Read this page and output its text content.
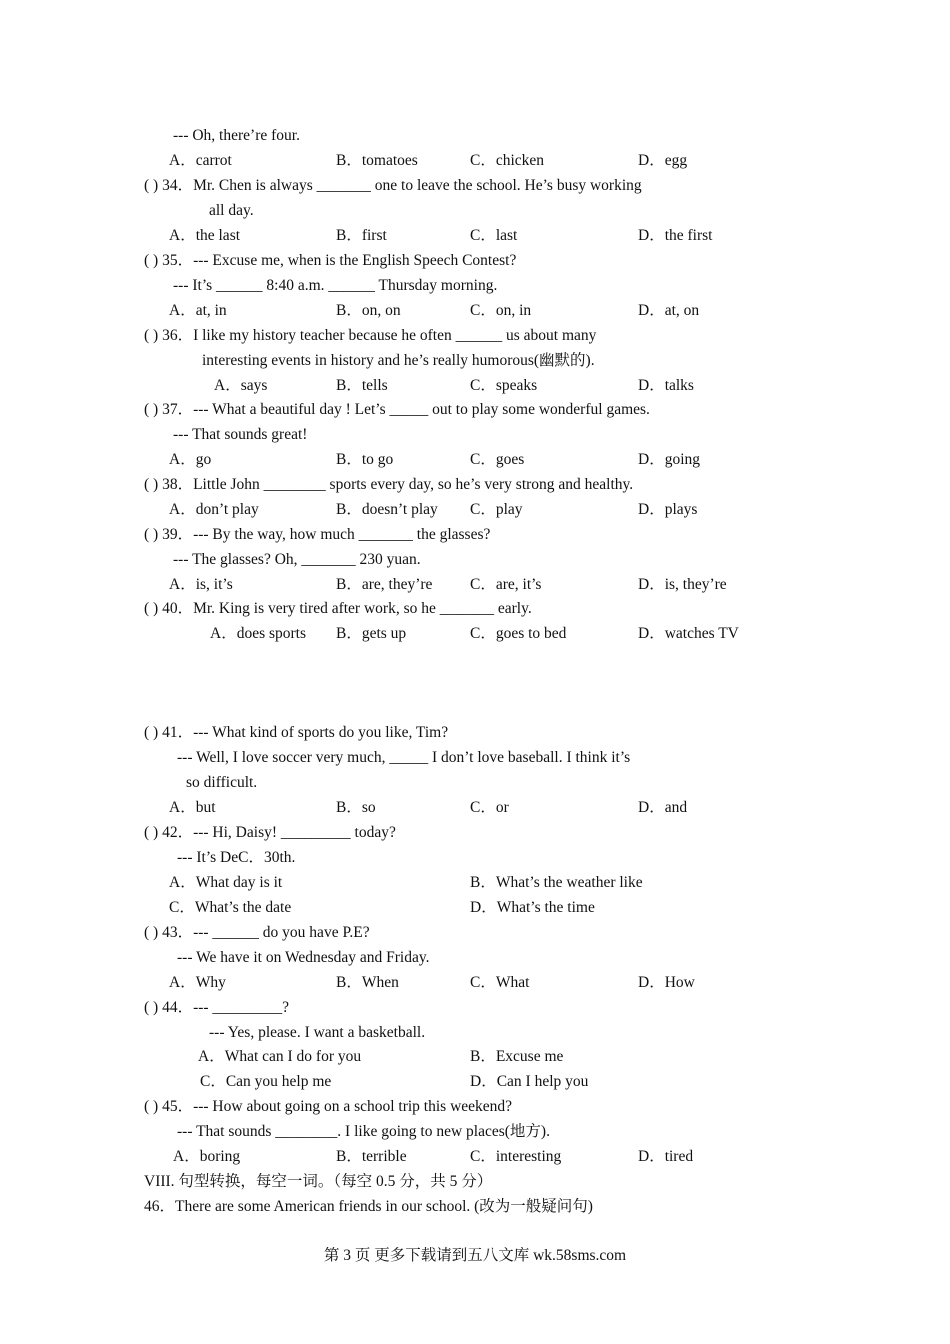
--- Oh, there’re four.
A．carrot	B．tomatoes	C．chicken	D．egg
( ) 34．Mr. Chen is always _______ one to leave the school. He’s busy working
all day.
A．the last	B．first	C．last	D．the first
( ) 35．--- Excuse me, when is the English Speech Contest?
--- It’s ______ 8:40 a.m. ______ Thursday morning.
A．at, in	B．on, on	C．on, in	D．at, on
( ) 36．I like my history teacher because he often ______ us about many
interesting events in history and he’s really humorous(幽默的).
A．says	B．tells	C．speaks	D．talks
( ) 37．--- What a beautiful day ! Let’s _____ out to play some wonderful games.
--- That sounds great!
A．go	B．to go	C．goes	D．going
( ) 38．Little John ________ sports every day, so he’s very strong and healthy.
A．don’t play	B．doesn’t play C．play	D．plays
( ) 39．--- By the way, how much _______ the glasses?
--- The glasses? Oh, _______ 230 yuan.
A．is, it’s	B．are, they’re C．are, it’s	D．is, they’re
( ) 40．Mr. King is very tired after work, so he _______ early.
A．does sports B．gets up	C．goes to bed	D．watches TV
( ) 41．--- What kind of sports do you like, Tim?
--- Well, I love soccer very much, _____ I don’t love baseball. I think it’s
so difficult.
A．but	B．so	C．or	D．and
( ) 42．--- Hi, Daisy! _________ today?
--- It’s DeC．30th.
A．What day is it	B．What’s the weather like
C．What’s the date	D．What’s the time
( ) 43．--- ______ do you have P.E?
--- We have it on Wednesday and Friday.
A．Why	B．When	C．What	D．How
( ) 44．--- _________?
--- Yes, please. I want a basketball.
A．What can I do for you	B．Excuse me
C．Can you help me	D．Can I help you
( ) 45．--- How about going on a school trip this weekend?
--- That sounds ________. I like going to new places(地方).
A．boring	B．terrible	C．interesting	D．tired
VIII. 句型转换，每空一词。（每空 0.5 分，共 5 分）
46．There are some American friends in our school. (改为一般疑问句)
第 3 页 更多下载请到五八文库 wk.58sms.com
